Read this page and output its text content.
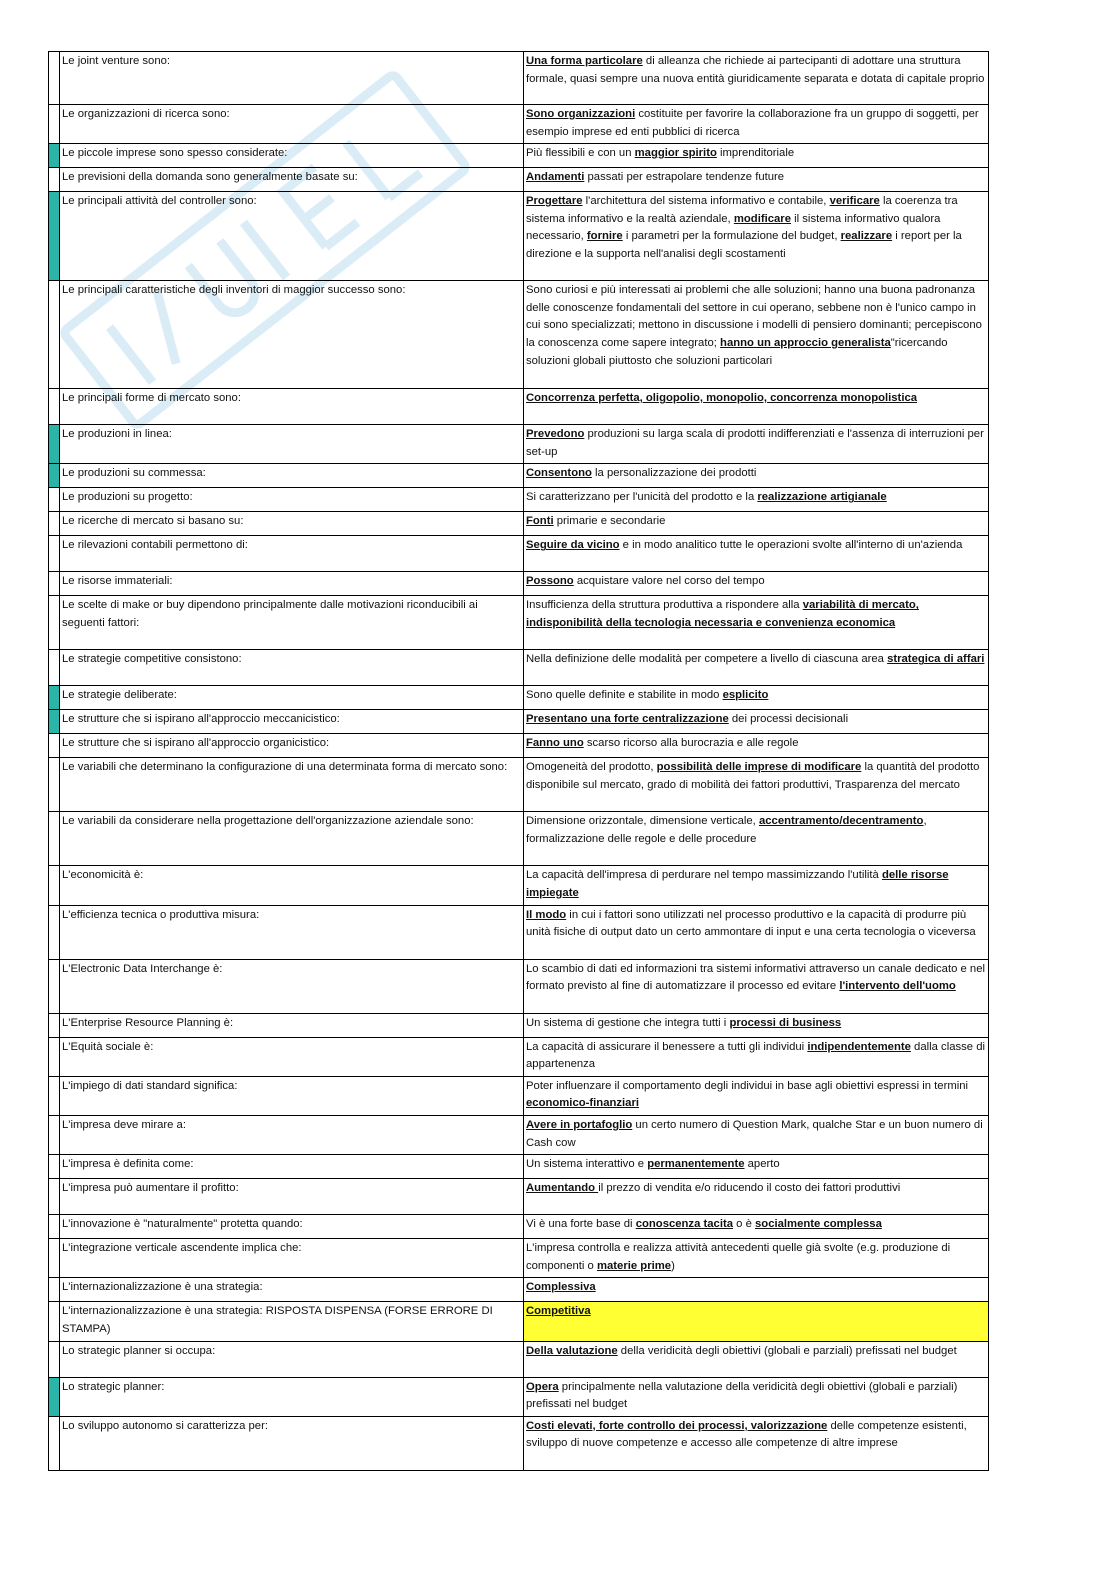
	Le joint venture sono:	Una forma particolare di alleanza che richiede ai partecipanti di adottare una struttura formale, quasi sempre una nuova entità giuridicamente separata e dotata di capitale proprio
	Le organizzazioni di ricerca sono:	Sono organizzazioni costituite per favorire la collaborazione fra un gruppo di soggetti, per esempio imprese ed enti pubblici di ricerca
	Le piccole imprese sono spesso considerate:	Più flessibili e con un maggior spirito imprenditoriale
	Le previsioni della domanda sono generalmente basate su:	Andamenti passati per estrapolare tendenze future
	Le principali attività del controller sono:	Progettare l'architettura del sistema informativo e contabile, verificare la coerenza tra sistema informativo e la realtà aziendale, modificare il sistema informativo qualora necessario, fornire i parametri per la formulazione del budget, realizzare i report per la direzione e la supporta nell'analisi degli scostamenti
	Le principali caratteristiche degli inventori di maggior successo sono:	Sono curiosi e più interessati ai problemi che alle soluzioni; hanno una buona padronanza delle conoscenze fondamentali del settore in cui operano, sebbene non è l'unico campo in cui sono specializzati; mettono in discussione i modelli di pensiero dominanti; percepiscono la conoscenza come sapere integrato; hanno un approccio generalista"ricercando soluzioni globali piuttosto che soluzioni particolari
	Le principali forme di mercato sono:	Concorrenza perfetta, oligopolio, monopolio, concorrenza monopolistica
	Le produzioni in linea:	Prevedono produzioni su larga scala di prodotti indifferenziati e l'assenza di interruzioni per set-up
	Le produzioni su commessa:	Consentono la personalizzazione dei prodotti
	Le produzioni su progetto:	Si caratterizzano per l'unicità del prodotto e la realizzazione artigianale
	Le ricerche di mercato si basano su:	Fonti primarie e secondarie
	Le rilevazioni contabili permettono di:	Seguire da vicino e in modo analitico tutte le operazioni svolte all'interno di un'azienda
	Le risorse immateriali:	Possono acquistare valore nel corso del tempo
	Le scelte di make or buy dipendono principalmente dalle motivazioni riconducibili ai seguenti fattori:	Insufficienza della struttura produttiva a rispondere alla variabilità di mercato, indisponibilità della tecnologia necessaria e convenienza economica
	Le strategie competitive consistono:	Nella definizione delle modalità per competere a livello di ciascuna area strategica di affari
	Le strategie deliberate:	Sono quelle definite e stabilite in modo esplicito
	Le strutture che si ispirano all'approccio meccanicistico:	Presentano una forte centralizzazione dei processi decisionali
	Le strutture che si ispirano all'approccio organicistico:	Fanno uno scarso ricorso alla burocrazia e alle regole
	Le variabili che determinano la configurazione di una determinata forma di mercato sono:	Omogeneità del prodotto, possibilità delle imprese di modificare la quantità del prodotto disponibile sul mercato, grado di mobilità dei fattori produttivi, Trasparenza del mercato
	Le variabili da considerare nella progettazione dell'organizzazione aziendale sono:	Dimensione orizzontale, dimensione verticale, accentramento/decentramento, formalizzazione delle regole e delle procedure
	L'economicità è:	La capacità dell'impresa di perdurare nel tempo massimizzando l'utilità delle risorse impiegate
	L'efficienza tecnica o produttiva misura:	Il modo in cui i fattori sono utilizzati nel processo produttivo e la capacità di produrre più unità fisiche di output dato un certo ammontare di input e una certa tecnologia o viceversa
	L'Electronic Data Interchange è:	Lo scambio di dati ed informazioni tra sistemi informativi attraverso un canale dedicato e nel formato previsto al fine di automatizzare il processo ed evitare l'intervento dell'uomo
	L'Enterprise Resource Planning è:	Un sistema di gestione che integra tutti i processi di business
	L'Equità sociale è:	La capacità di assicurare il benessere a tutti gli individui indipendentemente dalla classe di appartenenza
	L'impiego di dati standard significa:	Poter influenzare il comportamento degli individui in base agli obiettivi espressi in termini economico-finanziari
	L'impresa deve mirare a:	Avere in portafoglio un certo numero di Question Mark, qualche Star e un buon numero di Cash cow
	L'impresa è definita come:	Un sistema interattivo e permanentemente aperto
	L'impresa può aumentare il profitto:	Aumentando il prezzo di vendita e/o riducendo il costo dei fattori produttivi
	L'innovazione è "naturalmente" protetta quando:	Vi è una forte base di conoscenza tacita o è socialmente complessa
	L'integrazione verticale ascendente implica che:	L'impresa controlla e realizza attività antecedenti quelle già svolte (e.g. produzione di componenti o materie prime)
	L'internazionalizzazione è una strategia:	Complessiva
	L'internazionalizzazione è una strategia: RISPOSTA DISPENSA (FORSE ERRORE DI STAMPA)	Competitiva
	Lo strategic planner si occupa:	Della valutazione della veridicità degli obiettivi (globali e parziali) prefissati nel budget
	Lo strategic planner:	Opera principalmente nella valutazione della veridicità degli obiettivi (globali e parziali) prefissati nel budget
	Lo sviluppo autonomo si caratterizza per:	Costi elevati, forte controllo dei processi, valorizzazione delle competenze esistenti, sviluppo di nuove competenze e accesso alle competenze di altre imprese
